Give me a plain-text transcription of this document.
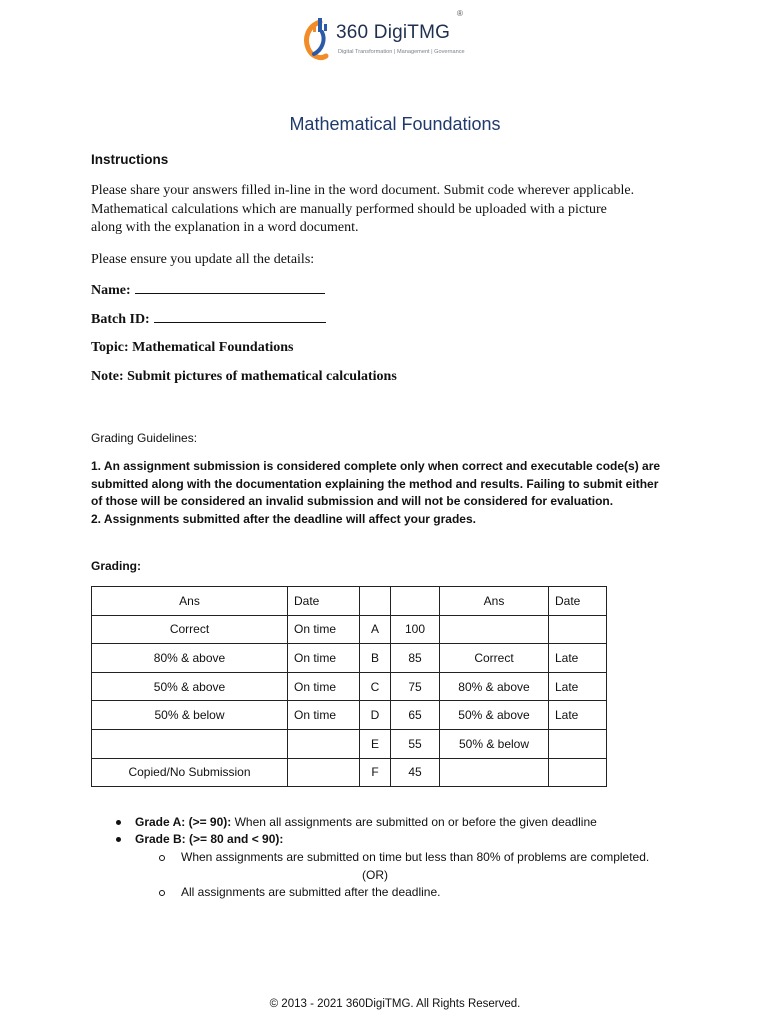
360 DigiTMG
®
Digital Transformation | Management | Governance
Mathematical Foundations
Instructions
Please share your answers filled in-line in the word document. Submit code wherever applicable.
Mathematical calculations which are manually performed should be uploaded with a picture
along with the explanation in a word document.
Please ensure you update all the details:
Name:
Batch ID:
Topic: Mathematical Foundations
Note: Submit pictures of mathematical calculations
Grading Guidelines:
1. An assignment submission is considered complete only when correct and executable code(s) are
submitted along with the documentation explaining the method and results. Failing to submit either
of those will be considered an invalid submission and will not be considered for evaluation.
2. Assignments submitted after the deadline will affect your grades.
Grading:
Ans	Date			Ans	Date
Correct	On time	A	100		
80% & above	On time	B	85	Correct	Late
50% & above	On time	C	75	80% & above	Late
50% & below	On time	D	65	50% & above	Late
		E	55	50% & below	
Copied/No Submission		F	45		
Grade A: (>= 90): When all assignments are submitted on or before the given deadline
Grade B: (>= 80 and < 90):
When assignments are submitted on time but less than 80% of problems are completed.
(OR)
All assignments are submitted after the deadline.
© 2013 - 2021 360DigiTMG. All Rights Reserved.
